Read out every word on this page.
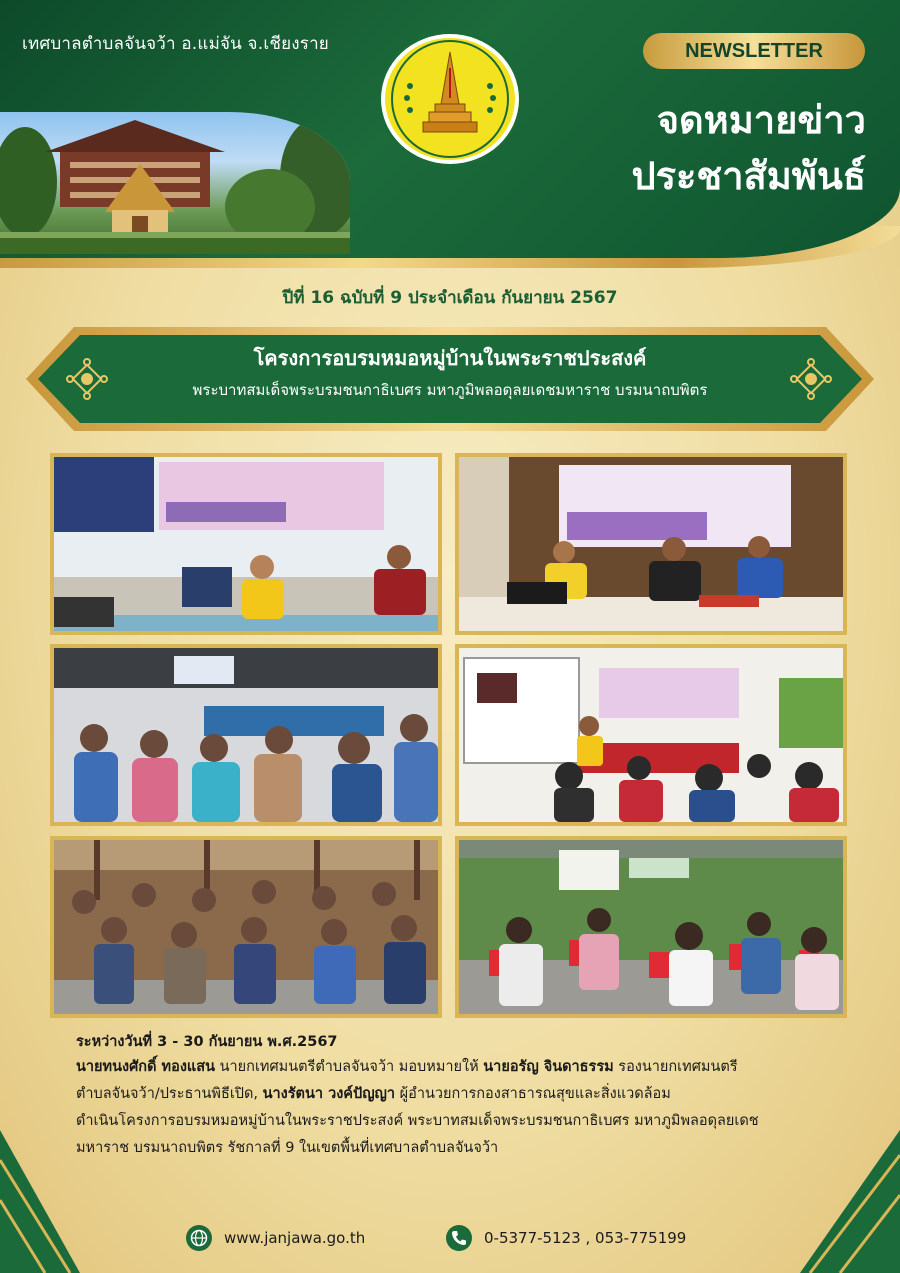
เทศบาลตำบลจันจว้า อ.แม่จัน จ.เชียงราย	NEWSLETTER
จดหมายข่าว
ประชาสัมพันธ์
ปีที่ 16 ฉบับที่ 9 ประจำเดือน กันยายน 2567
โครงการอบรมหมอหมู่บ้านในพระราชประสงค์
พระบาทสมเด็จพระบรมชนกาธิเบศร มหาภูมิพลอดุลยเดชมหาราช บรมนาถบพิตร
ระหว่างวันที่ 3 - 30 กันยายน พ.ศ.2567
นายทนงศักดิ์ ทองแสน นายกเทศมนตรีตำบลจันจว้า มอบหมายให้ นายอรัญ จินดาธรรม รองนายกเทศมนตรี
ตำบลจันจว้า/ประธานพิธีเปิด, นางรัตนา วงค์ปัญญา ผู้อำนวยการกองสาธารณสุขและสิ่งแวดล้อม
ดำเนินโครงการอบรมหมอหมู่บ้านในพระราชประสงค์ พระบาทสมเด็จพระบรมชนกาธิเบศร มหาภูมิพลอดุลยเดช
มหาราช บรมนาถบพิตร รัชกาลที่ 9 ในเขตพื้นที่เทศบาลตำบลจันจว้า
www.janjawa.go.th	0-5377-5123 , 053-775199
